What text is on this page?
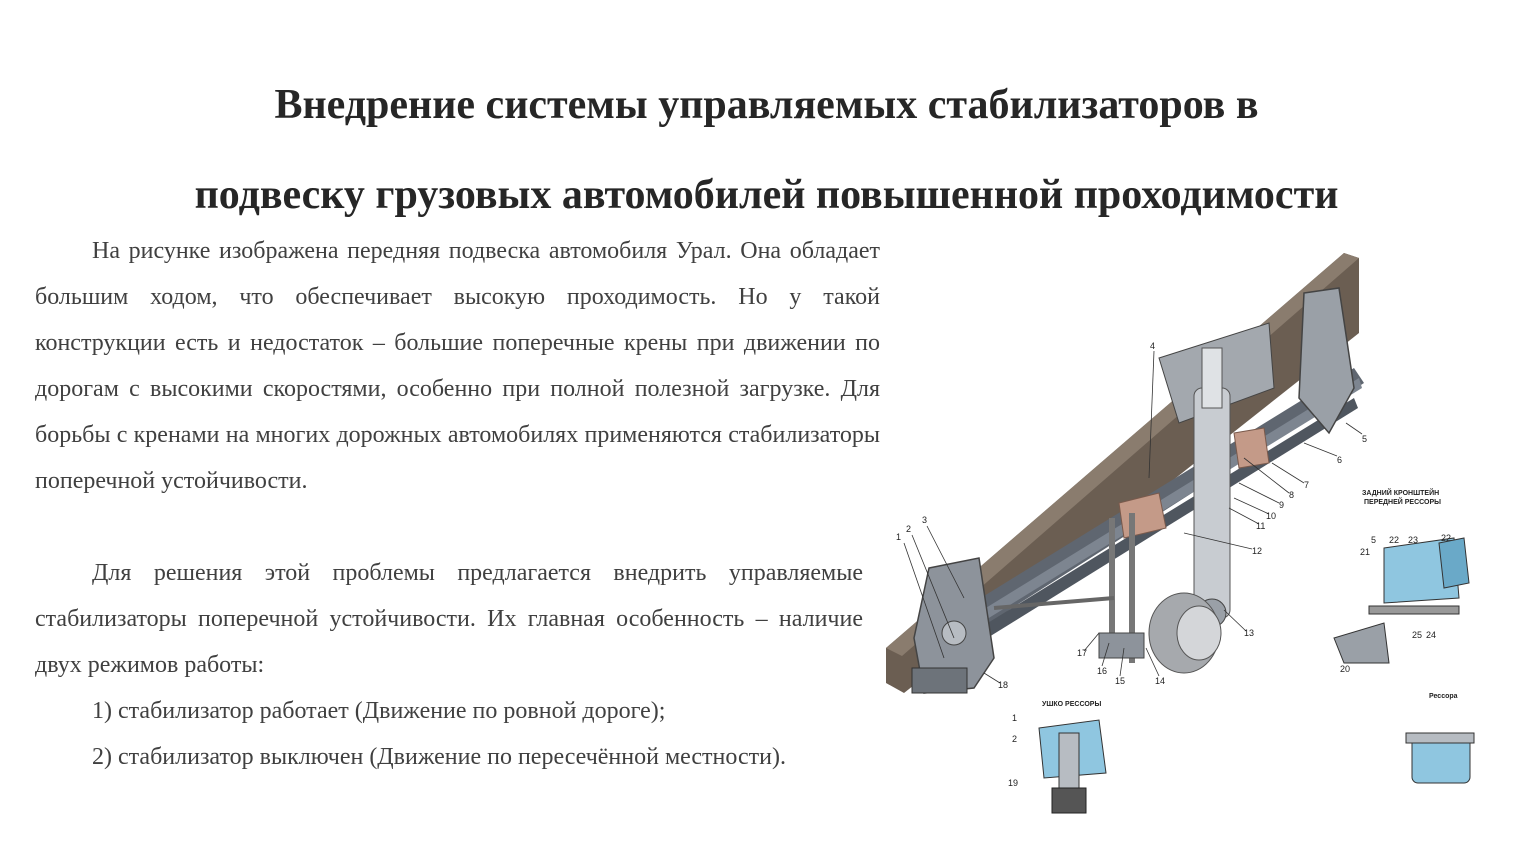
Внедрение системы управляемых стабилизаторов в
подвеску грузовых автомобилей повышенной проходимости

На рисунке изображена передняя подвеска автомобиля Урал. Она обладает большим ходом, что обеспечивает высокую проходимость. Но у такой конструкции есть и недостаток – большие поперечные крены при движении по дорогам с высокими скоростями, особенно при полной полезной загрузке. Для борьбы с кренами на многих дорожных автомобилях применяются стабилизаторы поперечной устойчивости.

Для решения этой проблемы предлагается внедрить управляемые стабилизаторы поперечной устойчивости. Их главная особенность – наличие двух режимов работы:

1) стабилизатор работает (Движение по ровной дороге);

2) стабилизатор выключен (Движение по пересечённой местности).

1
2
3
4
5
6
7
8
9
10
11
12
13
14
15
16
17
18
ЗАДНИЙ КРОНШТЕЙН
ПЕРЕДНЕЙ РЕССОРЫ
5 22 23	22
21
25 24
20
УШКО РЕССОРЫ
1
2
19
Рессора
